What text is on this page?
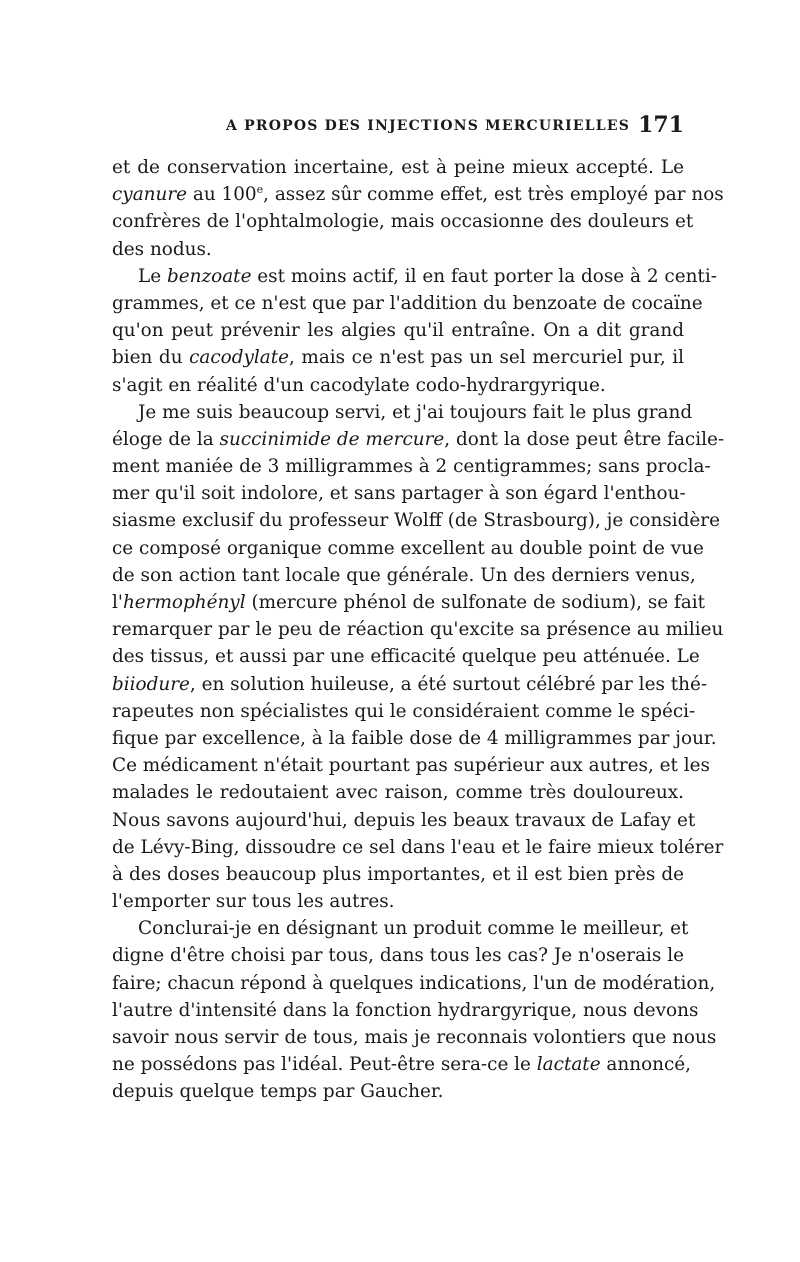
A PROPOS DES INJECTIONS MERCURIELLES 171
et de conservation incertaine, est à peine mieux accepté. Le
cyanure au 100e, assez sûr comme effet, est très employé par nos
confrères de l'ophtalmologie, mais occasionne des douleurs et
des nodus.
Le benzoate est moins actif, il en faut porter la dose à 2 centi-
grammes, et ce n'est que par l'addition du benzoate de cocaïne
qu'on peut prévenir les algies qu'il entraîne. On a dit grand
bien du cacodylate, mais ce n'est pas un sel mercuriel pur, il
s'agit en réalité d'un cacodylate codo-hydrargyrique.
Je me suis beaucoup servi, et j'ai toujours fait le plus grand
éloge de la succinimide de mercure, dont la dose peut être facile-
ment maniée de 3 milligrammes à 2 centigrammes; sans procla-
mer qu'il soit indolore, et sans partager à son égard l'enthou-
siasme exclusif du professeur Wolff (de Strasbourg), je considère
ce composé organique comme excellent au double point de vue
de son action tant locale que générale. Un des derniers venus,
l'hermophényl (mercure phénol de sulfonate de sodium), se fait
remarquer par le peu de réaction qu'excite sa présence au milieu
des tissus, et aussi par une efficacité quelque peu atténuée. Le
biiodure, en solution huileuse, a été surtout célébré par les thé-
rapeutes non spécialistes qui le considéraient comme le spéci-
fique par excellence, à la faible dose de 4 milligrammes par jour.
Ce médicament n'était pourtant pas supérieur aux autres, et les
malades le redoutaient avec raison, comme très douloureux.
Nous savons aujourd'hui, depuis les beaux travaux de Lafay et
de Lévy-Bing, dissoudre ce sel dans l'eau et le faire mieux tolérer
à des doses beaucoup plus importantes, et il est bien près de
l'emporter sur tous les autres.
Conclurai-je en désignant un produit comme le meilleur, et
digne d'être choisi par tous, dans tous les cas? Je n'oserais le
faire; chacun répond à quelques indications, l'un de modération,
l'autre d'intensité dans la fonction hydrargyrique, nous devons
savoir nous servir de tous, mais je reconnais volontiers que nous
ne possédons pas l'idéal. Peut-être sera-ce le lactate annoncé,
depuis quelque temps par Gaucher.
